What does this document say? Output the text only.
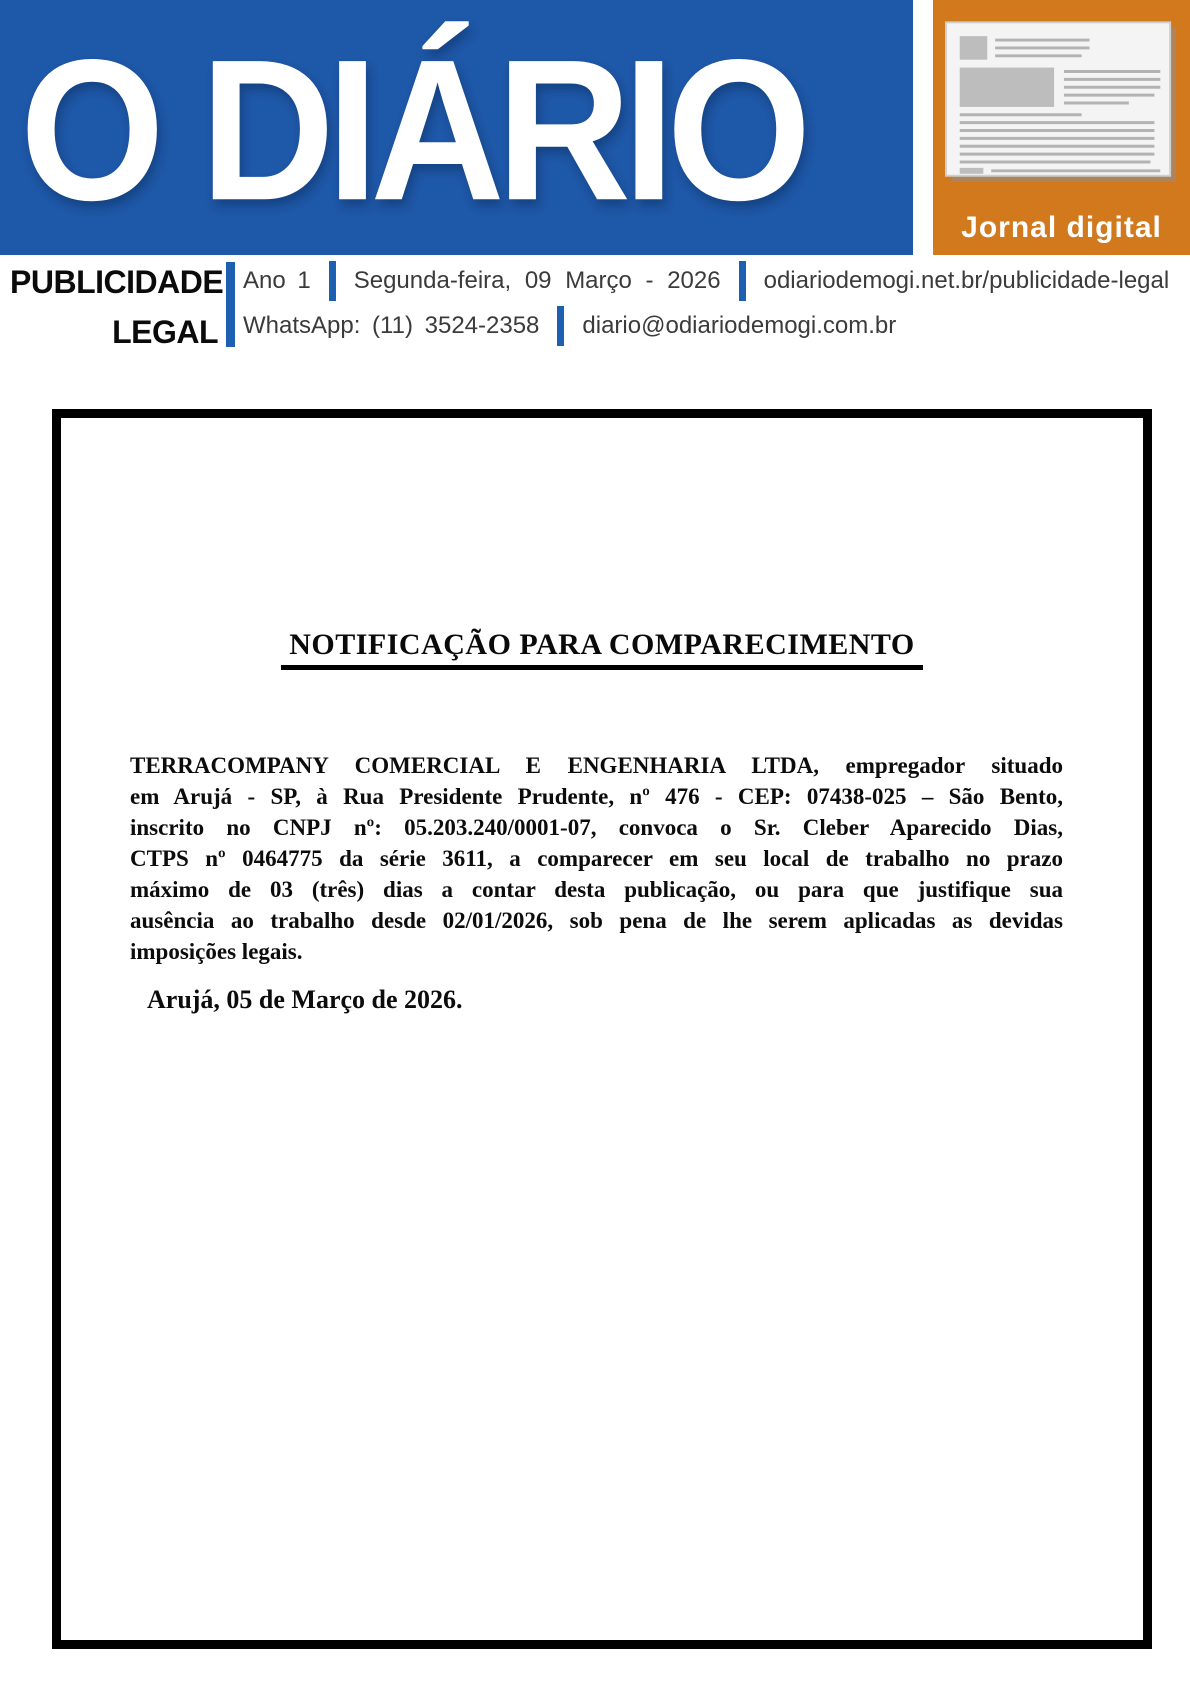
O DIÁRIO	Jornal digital
PUBLICIDADE
LEGAL
Ano 1 Segunda-feira, 09 Março - 2026 odiariodemogi.net.br/publicidade-legal
WhatsApp: (11) 3524-2358 diario@odiariodemogi.com.br
NOTIFICAÇÃO PARA COMPARECIMENTO

TERRACOMPANY COMERCIAL E ENGENHARIA LTDA, empregador situado

em Arujá - SP, à Rua Presidente Prudente, nº 476 - CEP: 07438-025 – São Bento,

inscrito no CNPJ nº: 05.203.240/0001-07, convoca o Sr. Cleber Aparecido Dias,

CTPS nº 0464775 da série 3611, a comparecer em seu local de trabalho no prazo

máximo de 03 (três) dias a contar desta publicação, ou para que justifique sua

ausência ao trabalho desde 02/01/2026, sob pena de lhe serem aplicadas as devidas

imposições legais.

Arujá, 05 de Março de 2026.
